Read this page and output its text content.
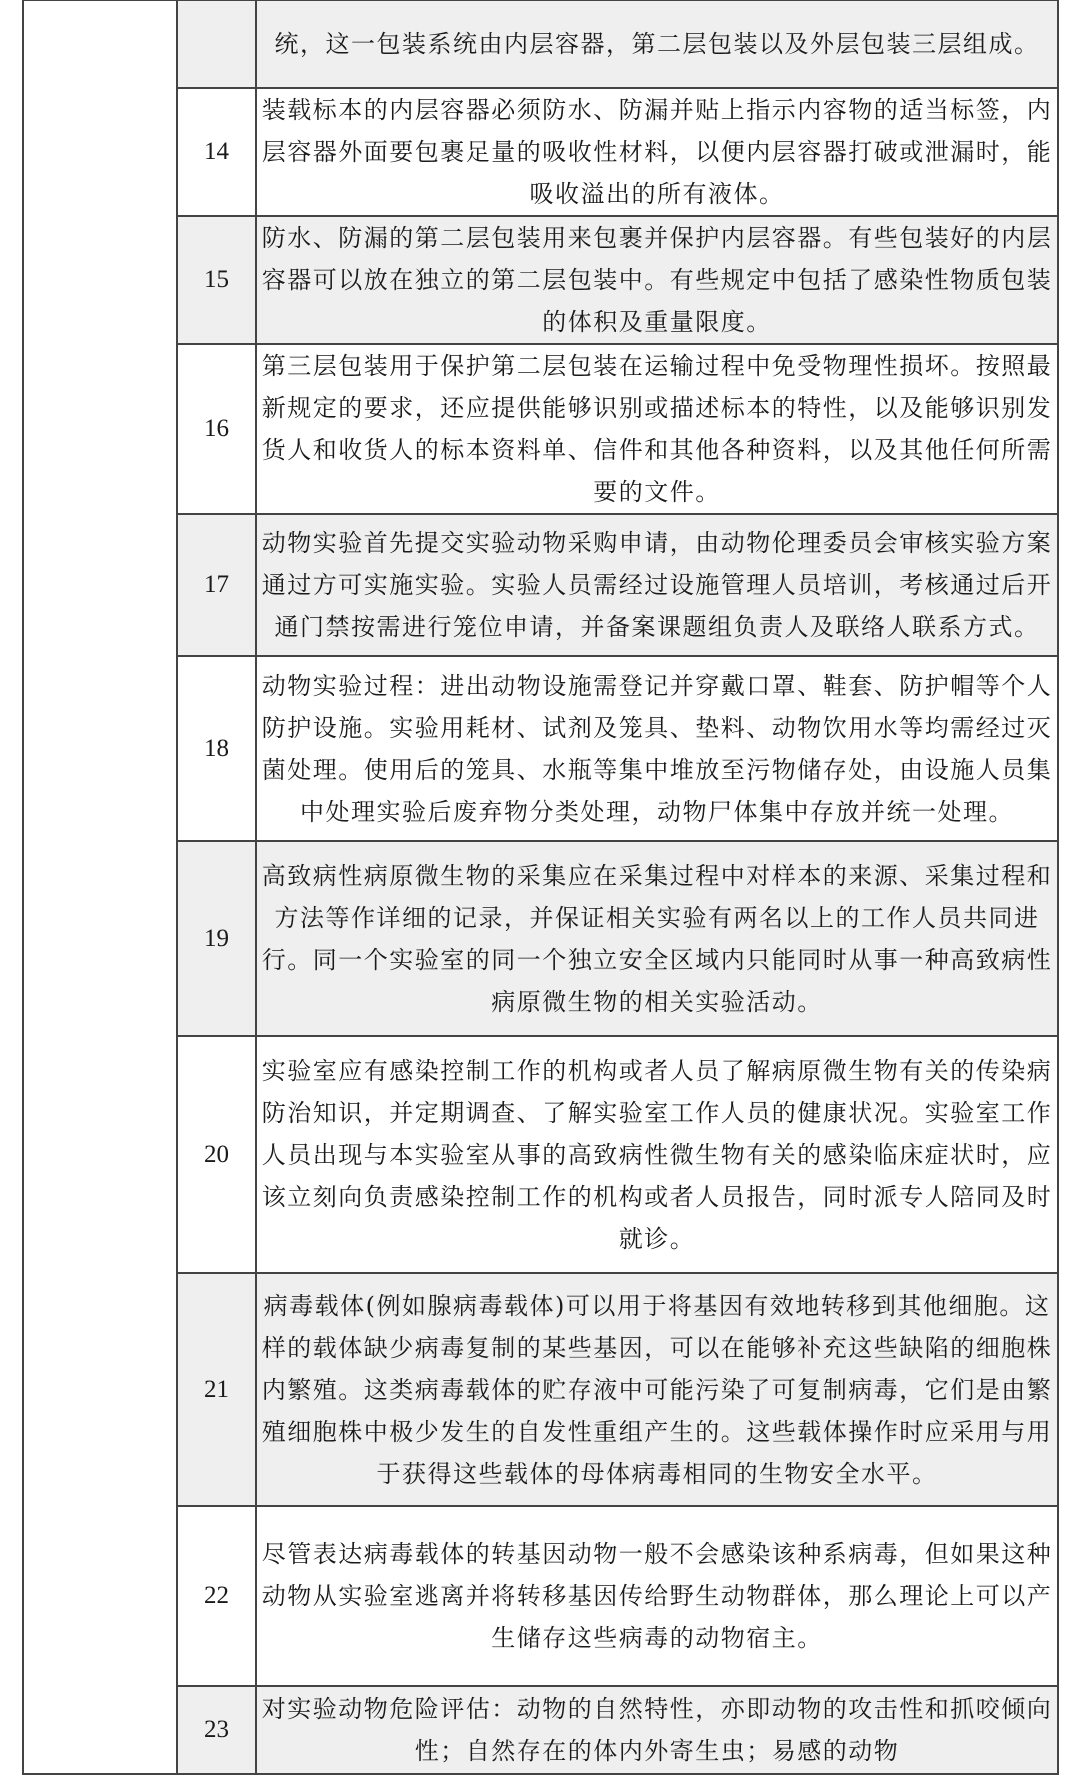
		统，这一包装系统由内层容器，第二层包装以及外层包装三层组成。

	14	装载标本的内层容器必须防水、防漏并贴上指示内容物的适当标签，内层容器外面要包裹足量的吸收性材料，以便内层容器打破或泄漏时，能吸收溢出的所有液体。

	15	防水、防漏的第二层包装用来包裹并保护内层容器。有些包装好的内层容器可以放在独立的第二层包装中。有些规定中包括了感染性物质包装的体积及重量限度。

	16	第三层包装用于保护第二层包装在运输过程中免受物理性损坏。按照最新规定的要求，还应提供能够识别或描述标本的特性，以及能够识别发货人和收货人的标本资料单、信件和其他各种资料，以及其他任何所需要的文件。

	17	动物实验首先提交实验动物采购申请，由动物伦理委员会审核实验方案通过方可实施实验。实验人员需经过设施管理人员培训，考核通过后开通门禁按需进行笼位申请，并备案课题组负责人及联络人联系方式。

	18	动物实验过程：进出动物设施需登记并穿戴口罩、鞋套、防护帽等个人防护设施。实验用耗材、试剂及笼具、垫料、动物饮用水等均需经过灭菌处理。使用后的笼具、水瓶等集中堆放至污物储存处，由设施人员集中处理实验后废弃物分类处理，动物尸体集中存放并统一处理。

	19	高致病性病原微生物的采集应在采集过程中对样本的来源、采集过程和方法等作详细的记录，并保证相关实验有两名以上的工作人员共同进行。同一个实验室的同一个独立安全区域内只能同时从事一种高致病性病原微生物的相关实验活动。

	20	实验室应有感染控制工作的机构或者人员了解病原微生物有关的传染病防治知识，并定期调查、了解实验室工作人员的健康状况。实验室工作人员出现与本实验室从事的高致病性微生物有关的感染临床症状时，应该立刻向负责感染控制工作的机构或者人员报告，同时派专人陪同及时就诊。

	21	病毒载体(例如腺病毒载体)可以用于将基因有效地转移到其他细胞。这样的载体缺少病毒复制的某些基因，可以在能够补充这些缺陷的细胞株内繁殖。这类病毒载体的贮存液中可能污染了可复制病毒，它们是由繁殖细胞株中极少发生的自发性重组产生的。这些载体操作时应采用与用于获得这些载体的母体病毒相同的生物安全水平。

	22	尽管表达病毒载体的转基因动物一般不会感染该种系病毒，但如果这种动物从实验室逃离并将转移基因传给野生动物群体，那么理论上可以产生储存这些病毒的动物宿主。

	23	对实验动物危险评估：动物的自然特性，亦即动物的攻击性和抓咬倾向性；自然存在的体内外寄生虫；易感的动物
